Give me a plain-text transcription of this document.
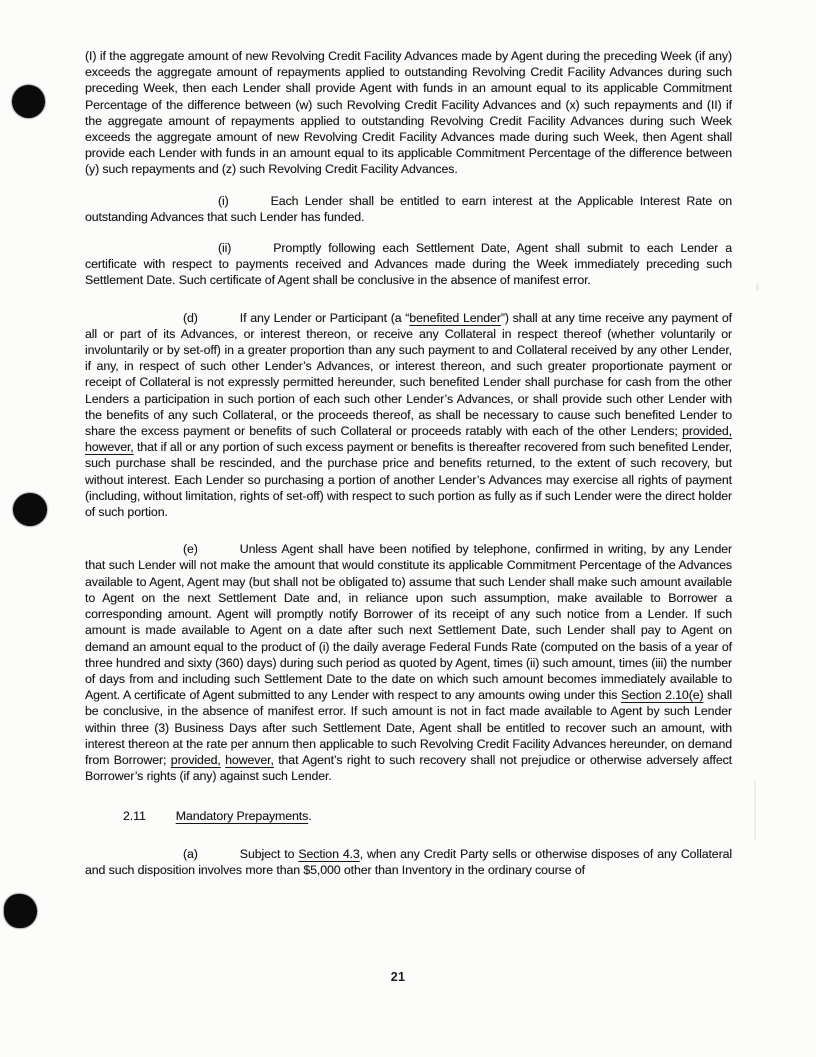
(I) if the aggregate amount of new Revolving Credit Facility Advances made by Agent during the preceding Week (if any) exceeds the aggregate amount of repayments applied to outstanding Revolving Credit Facility Advances during such preceding Week, then each Lender shall provide Agent with funds in an amount equal to its applicable Commitment Percentage of the difference between (w) such Revolving Credit Facility Advances and (x) such repayments and (II) if the aggregate amount of repayments applied to outstanding Revolving Credit Facility Advances during such Week exceeds the aggregate amount of new Revolving Credit Facility Advances made during such Week, then Agent shall provide each Lender with funds in an amount equal to its applicable Commitment Percentage of the difference between (y) such repayments and (z) such Revolving Credit Facility Advances.

(i)	Each Lender shall be entitled to earn interest at the Applicable Interest Rate on outstanding Advances that such Lender has funded.

(ii)	Promptly following each Settlement Date, Agent shall submit to each Lender a certificate with respect to payments received and Advances made during the Week immediately preceding such Settlement Date. Such certificate of Agent shall be conclusive in the absence of manifest error.

(d)	If any Lender or Participant (a “benefited Lender”) shall at any time receive any payment of all or part of its Advances, or interest thereon, or receive any Collateral in respect thereof (whether voluntarily or involuntarily or by set-off) in a greater proportion than any such payment to and Collateral received by any other Lender, if any, in respect of such other Lender’s Advances, or interest thereon, and such greater proportionate payment or receipt of Collateral is not expressly permitted hereunder, such benefited Lender shall purchase for cash from the other Lenders a participation in such portion of each such other Lender’s Advances, or shall provide such other Lender with the benefits of any such Collateral, or the proceeds thereof, as shall be necessary to cause such benefited Lender to share the excess payment or benefits of such Collateral or proceeds ratably with each of the other Lenders; provided, however, that if all or any portion of such excess payment or benefits is thereafter recovered from such benefited Lender, such purchase shall be rescinded, and the purchase price and benefits returned, to the extent of such recovery, but without interest. Each Lender so purchasing a portion of another Lender’s Advances may exercise all rights of payment (including, without limitation, rights of set-off) with respect to such portion as fully as if such Lender were the direct holder of such portion.

(e)	Unless Agent shall have been notified by telephone, confirmed in writing, by any Lender that such Lender will not make the amount that would constitute its applicable Commitment Percentage of the Advances available to Agent, Agent may (but shall not be obligated to) assume that such Lender shall make such amount available to Agent on the next Settlement Date and, in reliance upon such assumption, make available to Borrower a corresponding amount. Agent will promptly notify Borrower of its receipt of any such notice from a Lender. If such amount is made available to Agent on a date after such next Settlement Date, such Lender shall pay to Agent on demand an amount equal to the product of (i) the daily average Federal Funds Rate (computed on the basis of a year of three hundred and sixty (360) days) during such period as quoted by Agent, times (ii) such amount, times (iii) the number of days from and including such Settlement Date to the date on which such amount becomes immediately available to Agent. A certificate of Agent submitted to any Lender with respect to any amounts owing under this Section 2.10(e) shall be conclusive, in the absence of manifest error. If such amount is not in fact made available to Agent by such Lender within three (3) Business Days after such Settlement Date, Agent shall be entitled to recover such an amount, with interest thereon at the rate per annum then applicable to such Revolving Credit Facility Advances hereunder, on demand from Borrower; provided, however, that Agent’s right to such recovery shall not prejudice or otherwise adversely affect Borrower’s rights (if any) against such Lender.

2.11 Mandatory Prepayments.

(a)	Subject to Section 4.3, when any Credit Party sells or otherwise disposes of any Collateral and such disposition involves more than $5,000 other than Inventory in the ordinary course of

21
